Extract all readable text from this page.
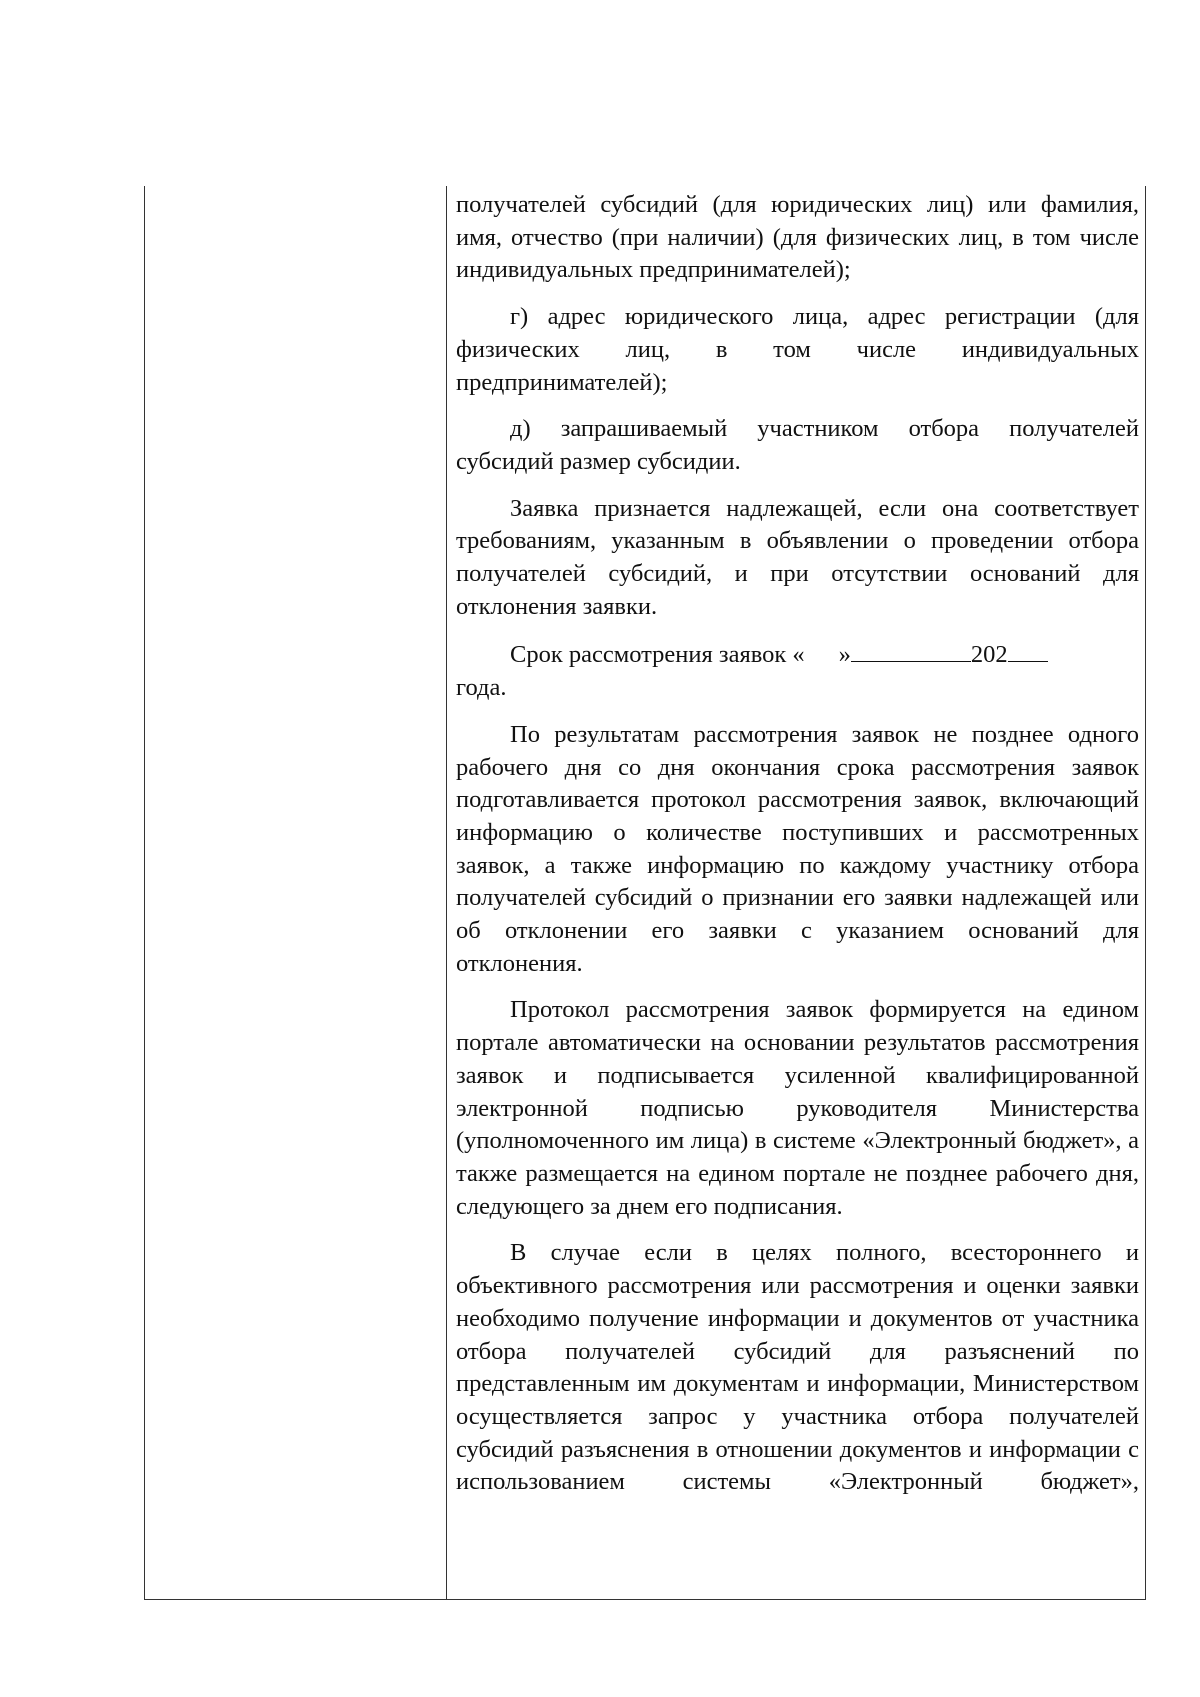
получателей субсидий (для юридических лиц) или фамилия, имя, отчество (при наличии) (для физических лиц, в том числе индивидуальных предпринимателей);

г) адрес юридического лица, адрес регистрации (для физических лиц, в том числе индивидуальных предпринимателей);

д) запрашиваемый участником отбора получателей субсидий размер субсидии.

Заявка признается надлежащей, если она соответствует требованиям, указанным в объявлении о проведении отбора получателей субсидий, и при отсутствии оснований для отклонения заявки.

Срок рассмотрения заявок « »	202
года.

По результатам рассмотрения заявок не позднее одного рабочего дня со дня окончания срока рассмотрения заявок подготавливается протокол рассмотрения заявок, включающий информацию о количестве поступивших и рассмотренных заявок, а также информацию по каждому участнику отбора получателей субсидий о признании его заявки надлежащей или об отклонении его заявки с указанием оснований для отклонения.

Протокол рассмотрения заявок формируется на едином портале автоматически на основании результатов рассмотрения заявок и подписывается усиленной квалифицированной электронной подписью руководителя Министерства (уполномоченного им лица) в системе «Электронный бюджет», а также размещается на едином портале не позднее рабочего дня, следующего за днем его подписания.

В случае если в целях полного, всестороннего и объективного рассмотрения или рассмотрения и оценки заявки необходимо получение информации и документов от участника отбора получателей субсидий для разъяснений по представленным им документам и информации, Министерством осуществляется запрос у участника отбора получателей субсидий разъяснения в отношении документов и информации с использованием системы «Электронный бюджет»,
